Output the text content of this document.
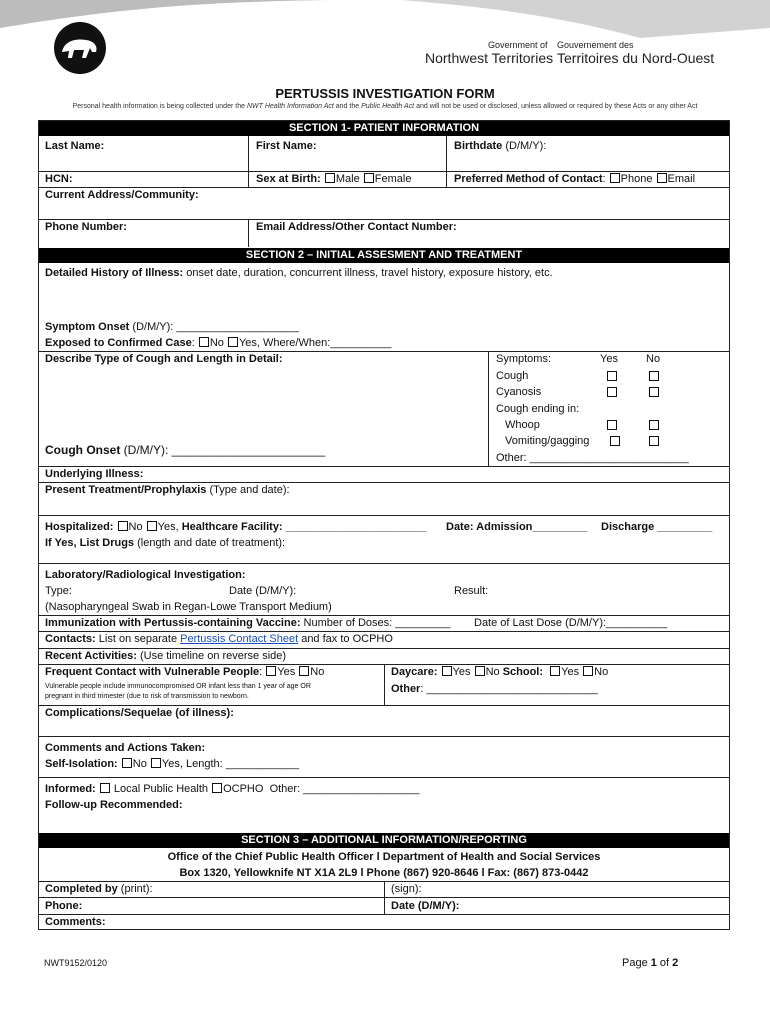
Government of
Northwest Territories
Gouvernement des
Territoires du Nord-Ouest
PERTUSSIS INVESTIGATION FORM
Personal health information is being collected under the NWT Health Information Act and the Public Health Act and will not be used or disclosed, unless allowed or required by these Acts or any other Act
SECTION 1- PATIENT INFORMATION
Last Name:	First Name:	Birthdate (D/M/Y):
HCN:	Sex at Birth: Male Female	Preferred Method of Contact: Phone Email
Current Address/Community:
Phone Number:	Email Address/Other Contact Number:
SECTION 2 – INITIAL ASSESMENT AND TREATMENT
Detailed History of Illness: onset date, duration, concurrent illness, travel history, exposure history, etc.
Symptom Onset (D/M/Y): ____________________
Exposed to Confirmed Case: No Yes, Where/When:__________
Describe Type of Cough and Length in Detail:	Symptoms:	Yes	No
Cough
Cyanosis
Cough ending in:
Whoop
Vomiting/gagging
Other: __________________________
Cough Onset (D/M/Y): _______________________
Underlying Illness:
Present Treatment/Prophylaxis (Type and date):
Hospitalized: No Yes, Healthcare Facility: _______________________ Date: Admission_________ Discharge _________
If Yes, List Drugs (length and date of treatment):
Laboratory/Radiological Investigation:
Type:	Date (D/M/Y):	Result:
(Nasopharyngeal Swab in Regan-Lowe Transport Medium)
Immunization with Pertussis-containing Vaccine: Number of Doses: _________ Date of Last Dose (D/M/Y):__________
Contacts: List on separate Pertussis Contact Sheet and fax to OCPHO
Recent Activities: (Use timeline on reverse side)
Frequent Contact with Vulnerable People: Yes No
Vulnerable people include immunocompromised OR infant less than 1 year of age OR
pregnant in third trimester (due to risk of transmission to newborn.
Daycare: Yes No School: Yes No
Other: ____________________________
Complications/Sequelae (of illness):
Comments and Actions Taken:
Self-Isolation: No Yes, Length: ____________
Informed: Local Public Health OCPHO Other: ___________________
Follow-up Recommended:
SECTION 3 – ADDITIONAL INFORMATION/REPORTING
Office of the Chief Public Health Officer l Department of Health and Social Services
Box 1320, Yellowknife NT X1A 2L9 l Phone (867) 920-8646 l Fax: (867) 873-0442
Completed by (print):	(sign):
Phone:	Date (D/M/Y):
Comments:
NWT9152/0120	Page 1 of 2
